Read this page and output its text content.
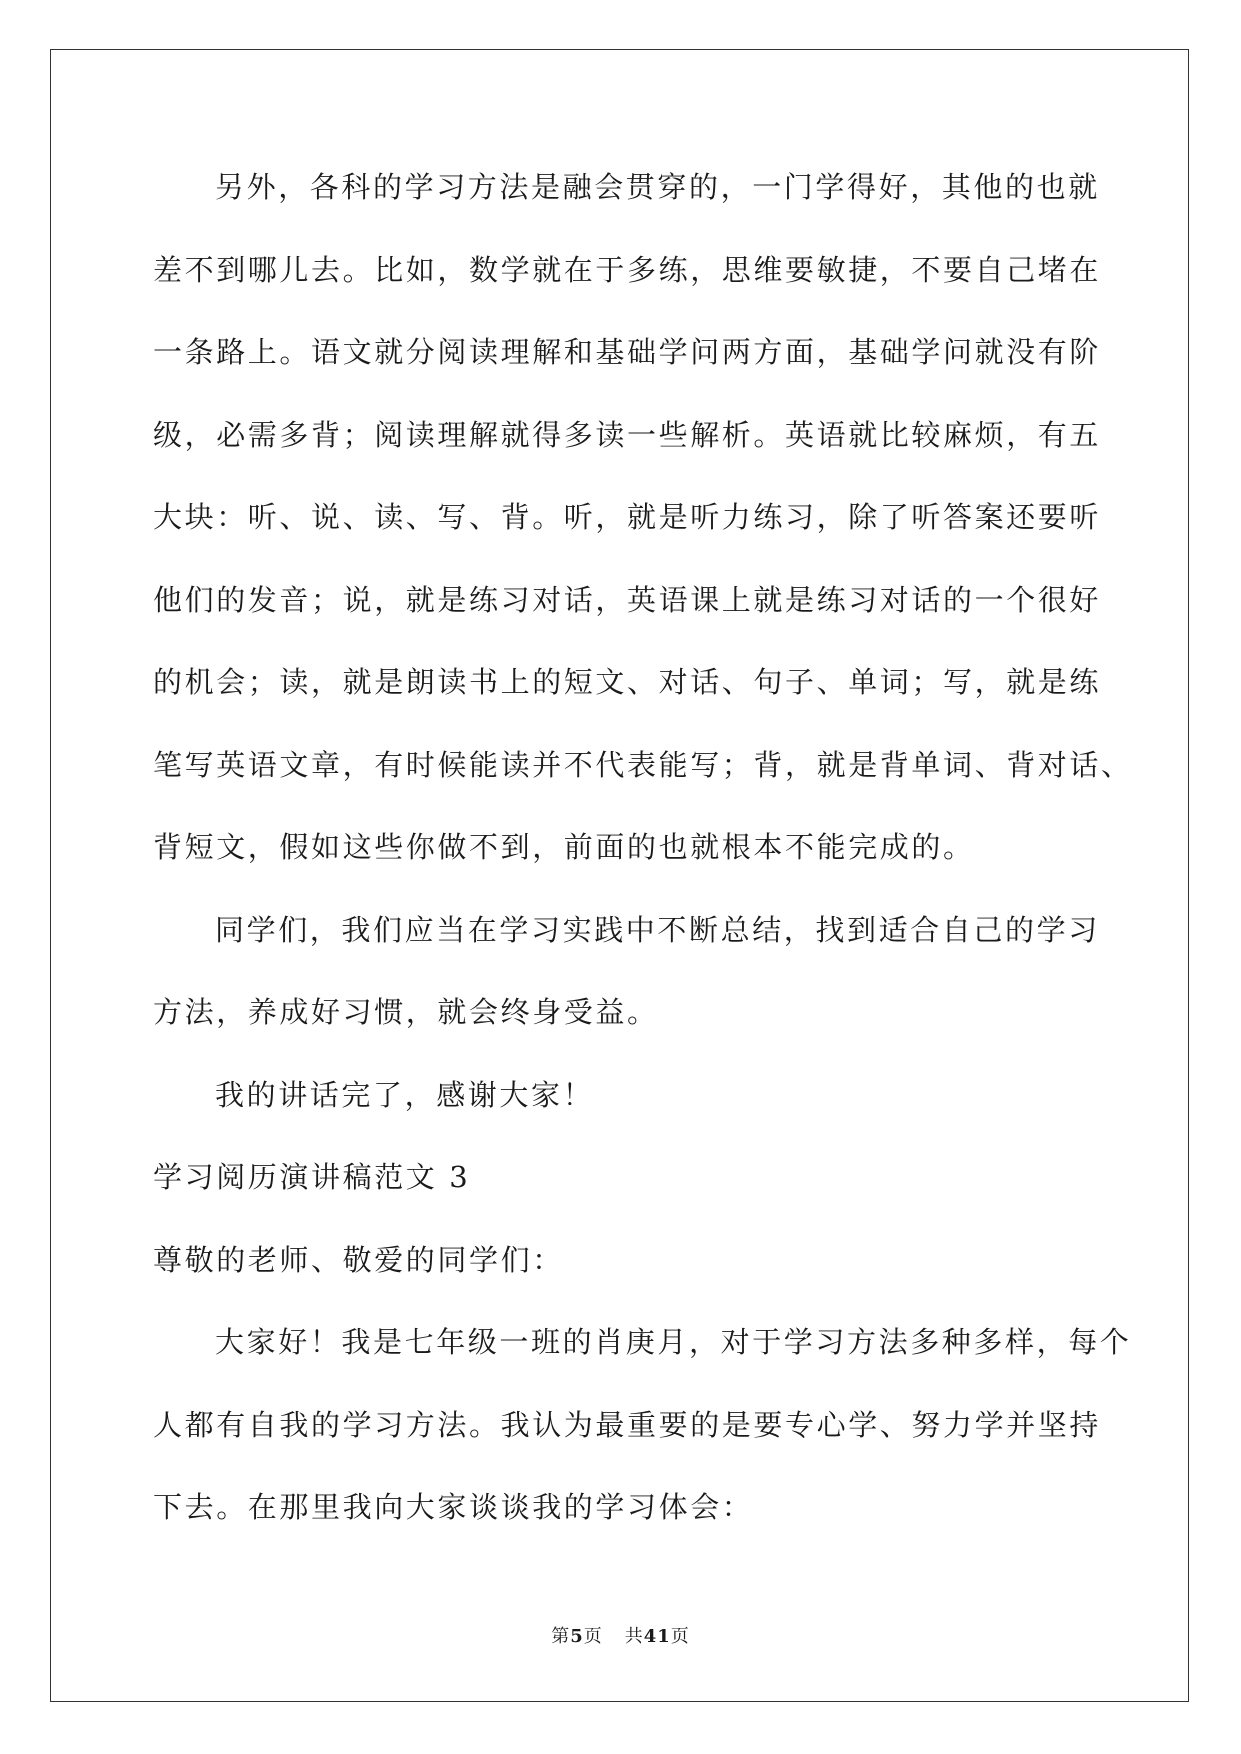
另外，各科的学习方法是融会贯穿的，一门学得好，其他的也就
差不到哪儿去。比如，数学就在于多练，思维要敏捷，不要自己堵在
一条路上。语文就分阅读理解和基础学问两方面，基础学问就没有阶
级，必需多背；阅读理解就得多读一些解析。英语就比较麻烦，有五
大块：听、说、读、写、背。听，就是听力练习，除了听答案还要听
他们的发音；说，就是练习对话，英语课上就是练习对话的一个很好
的机会；读，就是朗读书上的短文、对话、句子、单词；写，就是练
笔写英语文章，有时候能读并不代表能写；背，就是背单词、背对话、
背短文，假如这些你做不到，前面的也就根本不能完成的。
同学们，我们应当在学习实践中不断总结，找到适合自己的学习
方法，养成好习惯，就会终身受益。
我的讲话完了，感谢大家！
学习阅历演讲稿范文 3
尊敬的老师、敬爱的同学们：
大家好！我是七年级一班的肖庚月，对于学习方法多种多样，每个
人都有自我的学习方法。我认为最重要的是要专心学、努力学并坚持
下去。在那里我向大家谈谈我的学习体会：
第5页 共41页
